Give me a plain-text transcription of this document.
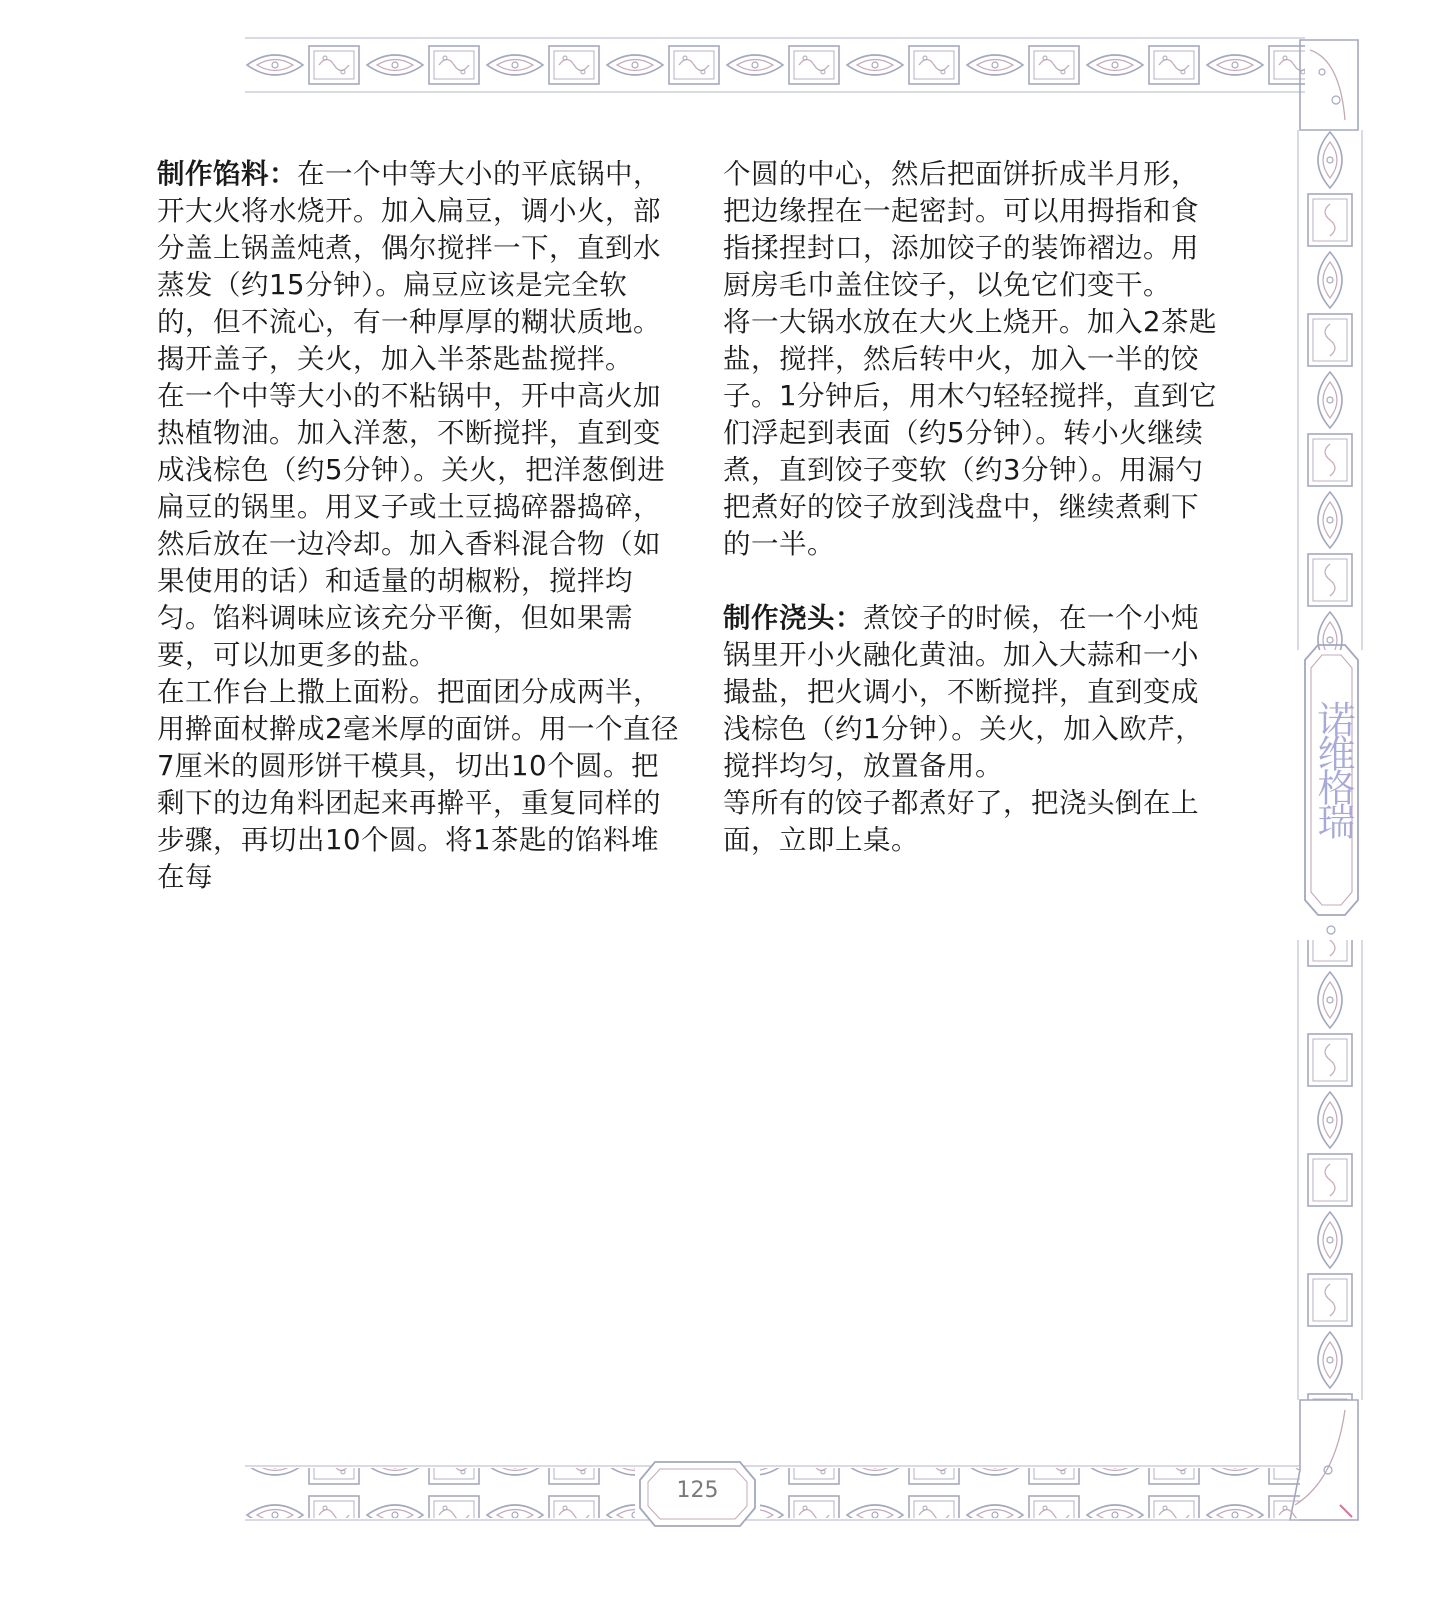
制作馅料：在一个中等大小的平底锅中，开大火将水烧开。加入扁豆，调小火，部分盖上锅盖炖煮，偶尔搅拌一下，直到水蒸发（约15分钟）。扁豆应该是完全软的，但不流心，有一种厚厚的糊状质地。揭开盖子，关火，加入半茶匙盐搅拌。

在一个中等大小的不粘锅中，开中高火加热植物油。加入洋葱，不断搅拌，直到变成浅棕色（约5分钟）。关火，把洋葱倒进扁豆的锅里。用叉子或土豆捣碎器捣碎，然后放在一边冷却。加入香料混合物（如果使用的话）和适量的胡椒粉，搅拌均匀。馅料调味应该充分平衡，但如果需要，可以加更多的盐。

在工作台上撒上面粉。把面团分成两半，用擀面杖擀成2毫米厚的面饼。用一个直径7厘米的圆形饼干模具，切出10个圆。把剩下的边角料团起来再擀平，重复同样的步骤，再切出10个圆。将1茶匙的馅料堆在每

个圆的中心，然后把面饼折成半月形，把边缘捏在一起密封。可以用拇指和食指揉捏封口，添加饺子的装饰褶边。用厨房毛巾盖住饺子，以免它们变干。

将一大锅水放在大火上烧开。加入2茶匙盐，搅拌，然后转中火，加入一半的饺子。1分钟后，用木勺轻轻搅拌，直到它们浮起到表面（约5分钟）。转小火继续煮，直到饺子变软（约3分钟）。用漏勺把煮好的饺子放到浅盘中，继续煮剩下的一半。

制作浇头：煮饺子的时候，在一个小炖锅里开小火融化黄油。加入大蒜和一小撮盐，把火调小，不断搅拌，直到变成浅棕色（约1分钟）。关火，加入欧芹，搅拌均匀，放置备用。

等所有的饺子都煮好了，把浇头倒在上面，立即上桌。

诺维格瑞
125
